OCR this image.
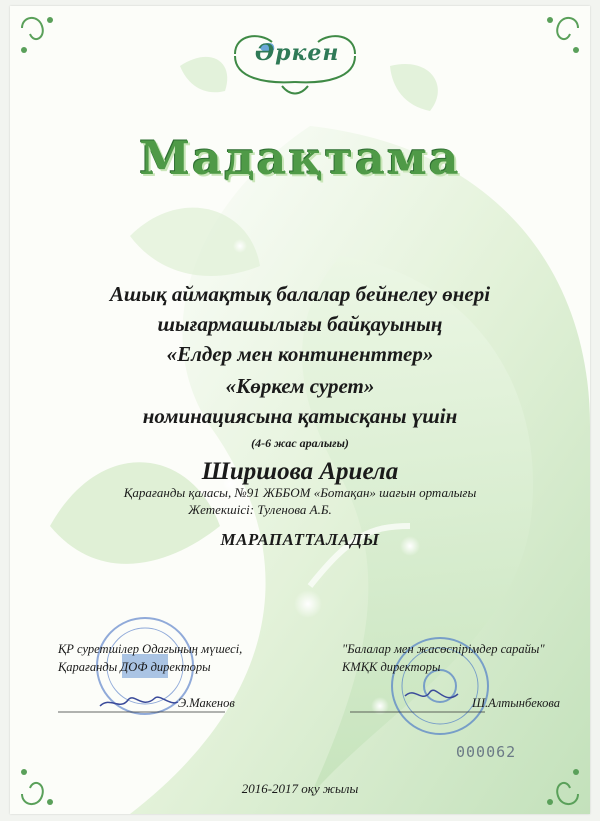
Әркен
Мадақтама
Ашық аймақтық балалар бейнелеу өнері
шығармашылығы байқауының
«Елдер мен континенттер»
«Көркем сурет»
номинациясына қатысқаны үшін
(4-6 жас аралығы)
Ширшова Ариела
Қарағанды қаласы, №91 ЖББОМ «Ботақан» шағын орталығы
Жетекшісі: Туленова А.Б.
МАРАПАТТАЛАДЫ
ҚР суретшілер Одағының мүшесі,
Қарағанды ДОФ директоры
Э.Макенов
"Балалар мен жасөспірімдер сарайы"
КМҚК директоры
Ш.Алтынбекова
000062
2016-2017 оқу жылы
